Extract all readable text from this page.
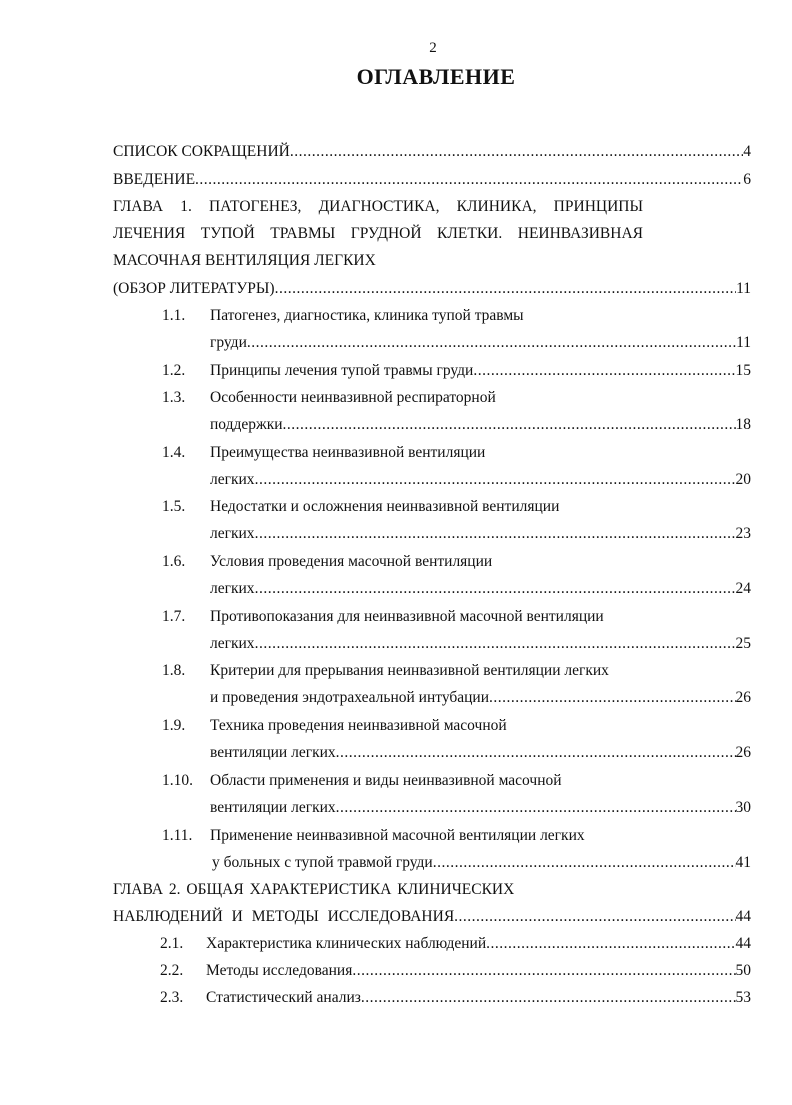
2
ОГЛАВЛЕНИЕ
СПИСОК СОКРАЩЕНИЙ .....	4
ВВЕДЕНИЕ .....	6
ГЛАВА 1. ПАТОГЕНЕЗ, ДИАГНОСТИКА, КЛИНИКА, ПРИНЦИПЫ
ЛЕЧЕНИЯ ТУПОЙ ТРАВМЫ ГРУДНОЙ КЛЕТКИ. НЕИНВАЗИВНАЯ
МАСОЧНАЯ ВЕНТИЛЯЦИЯ ЛЕГКИХ
(ОБЗОР ЛИТЕРАТУРЫ) .....	11
1.1. Патогенез, диагностика, клиника тупой травмы
груди .....	11
1.2. Принципы лечения тупой травмы груди .....	15
1.3. Особенности неинвазивной респираторной
поддержки .....	18
1.4. Преимущества неинвазивной вентиляции
легких .....	20
1.5. Недостатки и осложнения неинвазивной вентиляции
легких .....	23
1.6. Условия проведения масочной вентиляции
легких .....	24
1.7. Противопоказания для неинвазивной масочной вентиляции
легких .....	25
1.8. Критерии для прерывания неинвазивной вентиляции легких
и проведения эндотрахеальной интубации .....	26
1.9. Техника проведения неинвазивной масочной
вентиляции легких .....	26
1.10. Области применения и виды неинвазивной масочной
вентиляции легких .....	30
1.11. Применение неинвазивной масочной вентиляции легких
у больных с тупой травмой груди .....	41
ГЛАВА 2. ОБЩАЯ ХАРАКТЕРИСТИКА КЛИНИЧЕСКИХ
НАБЛЮДЕНИЙ И МЕТОДЫ ИССЛЕДОВАНИЯ .....	44
2.1. Характеристика клинических наблюдений .....	44
2.2. Методы исследования .....	50
2.3. Статистический анализ .....	53
